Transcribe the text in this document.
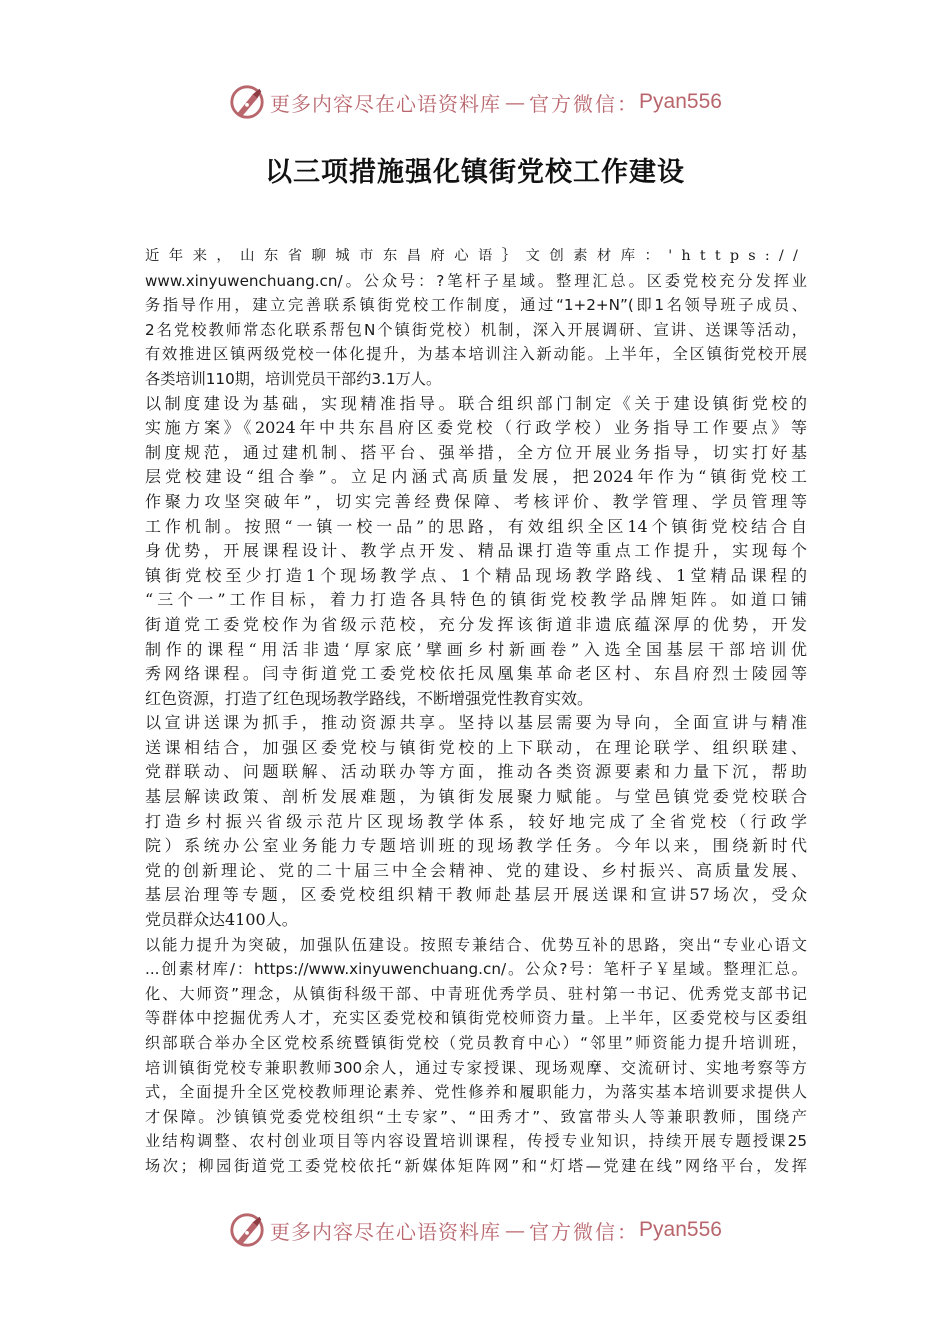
更多内容尽在心语资料库 — 官方微信： Pyan556
以三项措施强化镇街党校工作建设
近年来，山东省聊城市东昌府心语｝文创素材库：'https://
www.xinyuwenchuang.cn/。公众号：?笔杆子星域。整理汇总。区委党校充分发挥业
务指导作用，建立完善联系镇街党校工作制度，通过“1+2+N”(即1名领导班子成员、
2名党校教师常态化联系帮包N个镇街党校）机制，深入开展调研、宣讲、送课等活动，
有效推进区镇两级党校一体化提升，为基本培训注入新动能。上半年，全区镇街党校开展
各类培训110期，培训党员干部约3.1万人。
以制度建设为基础，实现精准指导。联合组织部门制定《关于建设镇街党校的
实施方案》《2024年中共东昌府区委党校（行政学校）业务指导工作要点》等
制度规范，通过建机制、搭平台、强举措，全方位开展业务指导，切实打好基
层党校建设“组合拳”。立足内涵式高质量发展，把2024年作为“镇街党校工
作聚力攻坚突破年”，切实完善经费保障、考核评价、教学管理、学员管理等
工作机制。按照“一镇一校一品”的思路，有效组织全区14个镇街党校结合自
身优势，开展课程设计、教学点开发、精品课打造等重点工作提升，实现每个
镇街党校至少打造1个现场教学点、1个精品现场教学路线、1堂精品课程的
“三个一”工作目标，着力打造各具特色的镇街党校教学品牌矩阵。如道口铺
街道党工委党校作为省级示范校，充分发挥该街道非遗底蕴深厚的优势，开发
制作的课程“用活非遗‘厚家底’擘画乡村新画卷”入选全国基层干部培训优
秀网络课程。闫寺街道党工委党校依托凤凰集革命老区村、东昌府烈士陵园等
红色资源，打造了红色现场教学路线，不断增强党性教育实效。
以宣讲送课为抓手，推动资源共享。坚持以基层需要为导向，全面宣讲与精准
送课相结合，加强区委党校与镇街党校的上下联动，在理论联学、组织联建、
党群联动、问题联解、活动联办等方面，推动各类资源要素和力量下沉，帮助
基层解读政策、剖析发展难题，为镇街发展聚力赋能。与堂邑镇党委党校联合
打造乡村振兴省级示范片区现场教学体系，较好地完成了全省党校（行政学
院）系统办公室业务能力专题培训班的现场教学任务。今年以来，围绕新时代
党的创新理论、党的二十届三中全会精神、党的建设、乡村振兴、高质量发展、
基层治理等专题，区委党校组织精干教师赴基层开展送课和宣讲57场次，受众
党员群众达4100人。
以能力提升为突破，加强队伍建设。按照专兼结合、优势互补的思路，突出“专业心语文
...创素材库/：https://www.xinyuwenchuang.cn/。公众?号：笔杆子￥星域。整理汇总。
化、大师资”理念，从镇街科级干部、中青班优秀学员、驻村第一书记、优秀党支部书记
等群体中挖掘优秀人才，充实区委党校和镇街党校师资力量。上半年，区委党校与区委组
织部联合举办全区党校系统暨镇街党校（党员教育中心）“邻里”师资能力提升培训班，
培训镇街党校专兼职教师300余人，通过专家授课、现场观摩、交流研讨、实地考察等方
式，全面提升全区党校教师理论素养、党性修养和履职能力，为落实基本培训要求提供人
才保障。沙镇镇党委党校组织“土专家”、“田秀才”、致富带头人等兼职教师，围绕产
业结构调整、农村创业项目等内容设置培训课程，传授专业知识，持续开展专题授课25
场次；柳园街道党工委党校依托“新媒体矩阵网”和“灯塔—党建在线”网络平台，发挥
更多内容尽在心语资料库 — 官方微信： Pyan556
